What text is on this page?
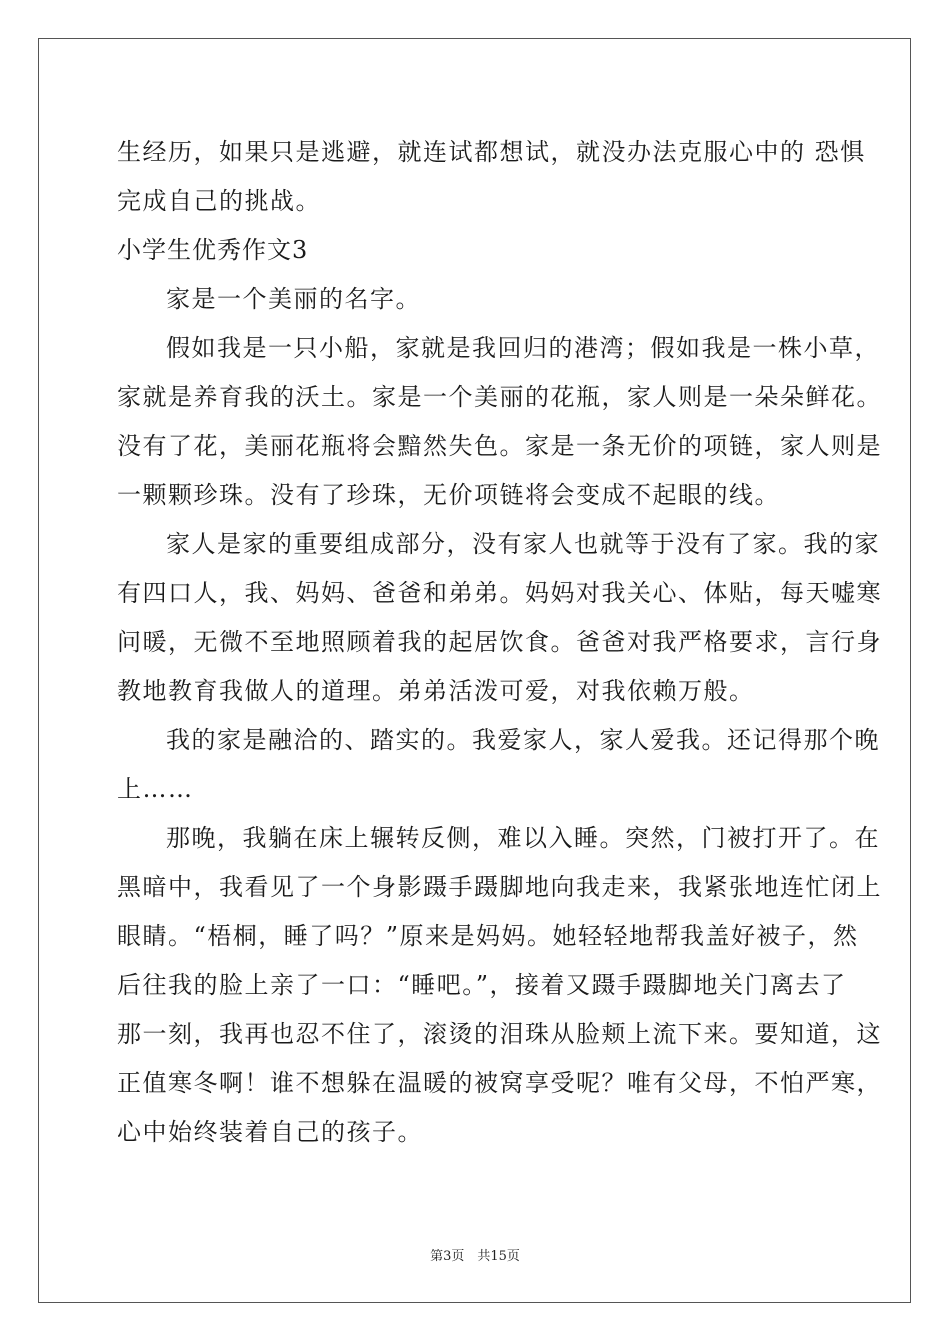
生经历，如果只是逃避，就连试都想试，就没办法克服心中的 恐惧
完成自己的挑战。
小学生优秀作文3
家是一个美丽的名字。
假如我是一只小船，家就是我回归的港湾；假如我是一株小草，
家就是养育我的沃土。家是一个美丽的花瓶，家人则是一朵朵鲜花。
没有了花，美丽花瓶将会黯然失色。家是一条无价的项链，家人则是
一颗颗珍珠。没有了珍珠，无价项链将会变成不起眼的线。
家人是家的重要组成部分，没有家人也就等于没有了家。我的家
有四口人，我、妈妈、爸爸和弟弟。妈妈对我关心、体贴，每天嘘寒
问暖，无微不至地照顾着我的起居饮食。爸爸对我严格要求，言行身
教地教育我做人的道理。弟弟活泼可爱，对我依赖万般。
我的家是融洽的、踏实的。我爱家人，家人爱我。还记得那个晚
上……
那晚，我躺在床上辗转反侧，难以入睡。突然，门被打开了。在
黑暗中，我看见了一个身影蹑手蹑脚地向我走来，我紧张地连忙闭上
眼睛。“梧桐，睡了吗？”原来是妈妈。她轻轻地帮我盖好被子，然
后往我的脸上亲了一口：“睡吧。”，接着又蹑手蹑脚地关门离去了
那一刻，我再也忍不住了，滚烫的泪珠从脸颊上流下来。要知道，这
正值寒冬啊！谁不想躲在温暖的被窝享受呢？唯有父母，不怕严寒，
心中始终装着自己的孩子。
第3页　共15页
